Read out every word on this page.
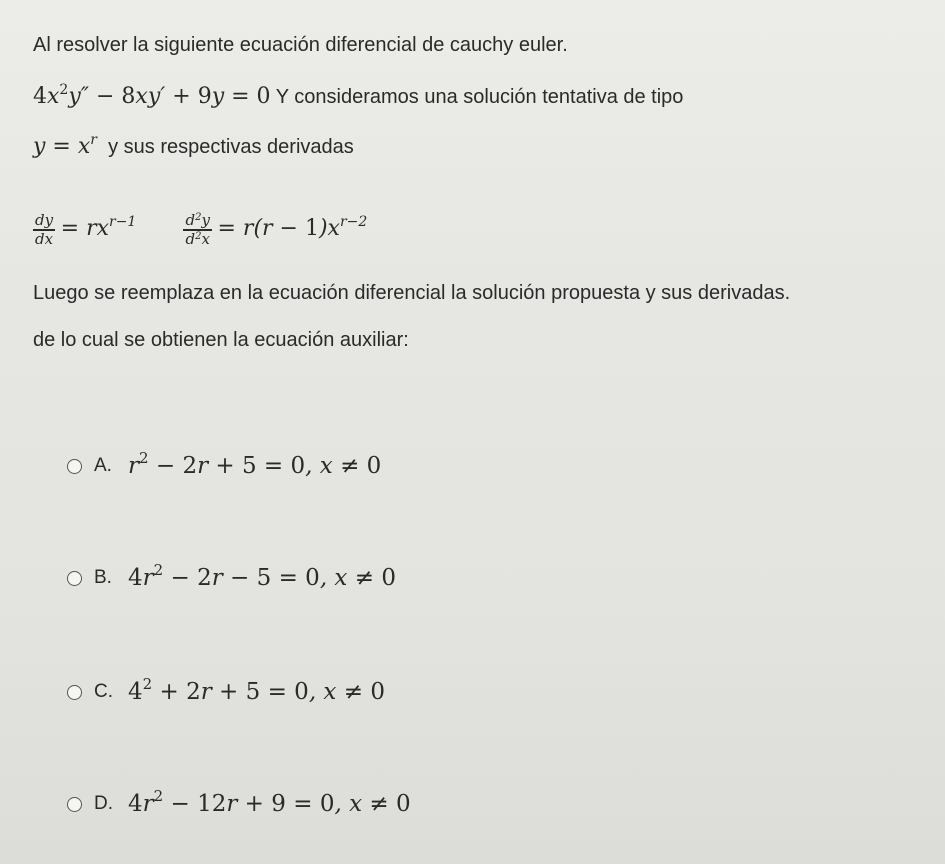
Al resolver la siguiente ecuación diferencial de cauchy euler.
$4x^2y'' - 8xy' + 9y = 0$ Y consideramos una solución tentativa de tipo
$y = x^r$ y sus respectivas derivadas
$\frac{dy}{dx} = rx^{r-1}$	$\frac{d^2y}{d^2x} = r(r - 1)x^{r-2}$
Luego se reemplaza en la ecuación diferencial la solución propuesta y sus derivadas.
de lo cual se obtienen la ecuación auxiliar:
A. $r^2 - 2r + 5 = 0$, x ≠ 0
B. $4r^2 - 2r - 5 = 0$, x ≠ 0
C. $4^2 + 2r + 5 = 0$, x ≠ 0
D. $4r^2 - 12r + 9 = 0$, x ≠ 0
